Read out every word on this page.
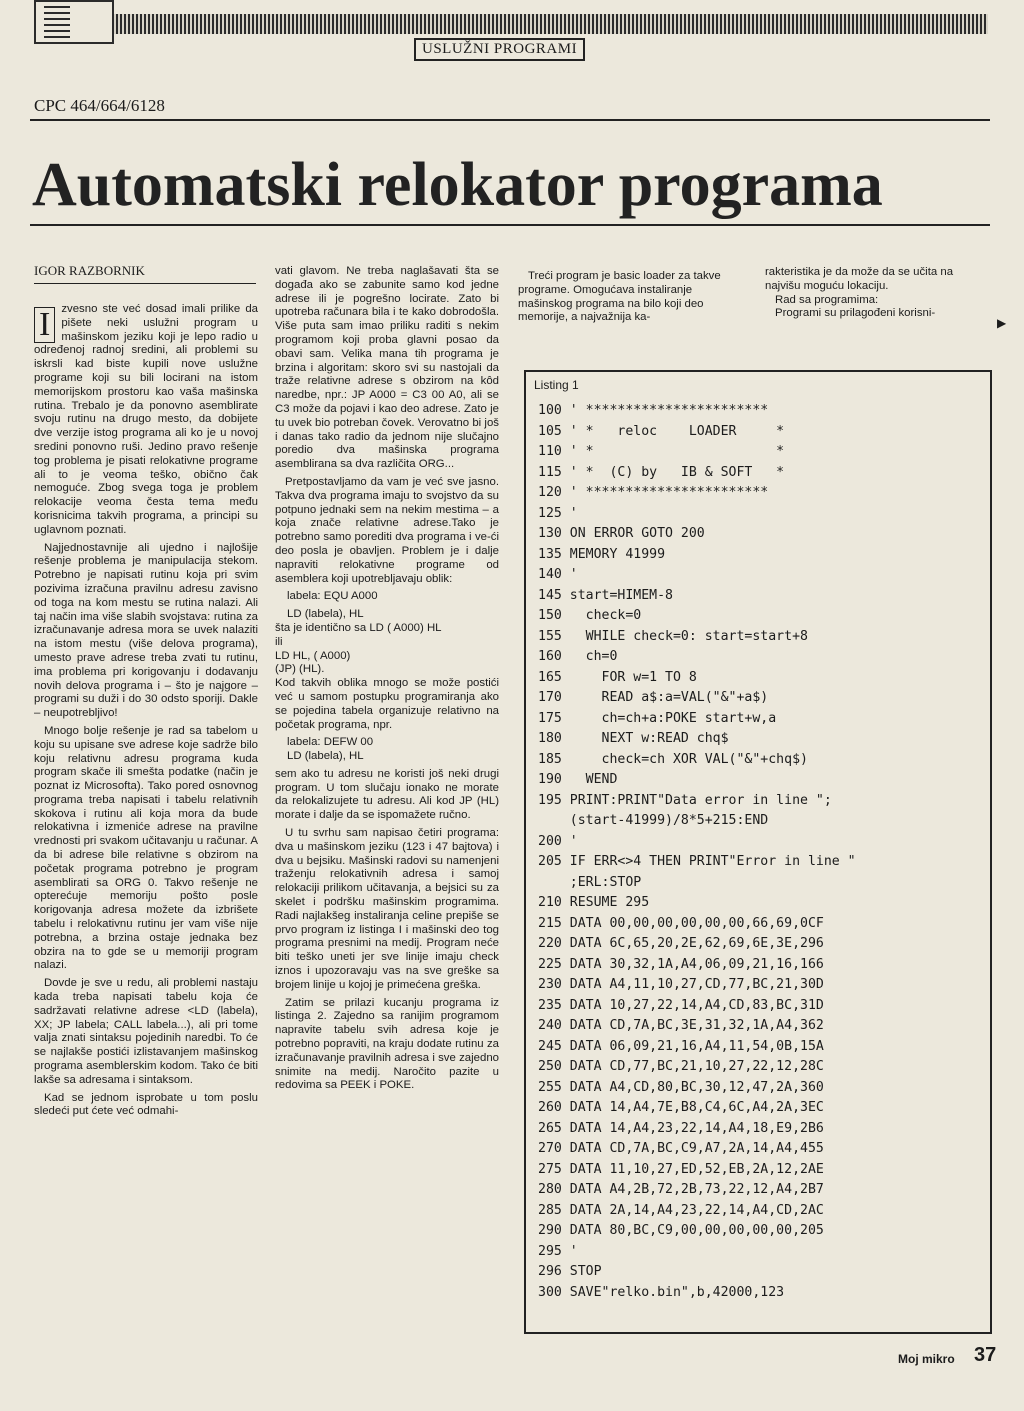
USLUŽNI PROGRAMI
CPC 464/664/6128
Automatski relokator programa
IGOR RAZBORNIK

I zvesno ste već dosad imali prilike da pišete neki uslužni program u mašinskom jeziku koji je lepo radio u određenoj radnoj sredini, ali problemi su iskrsli kad biste kupili nove uslužne programe koji su bili locirani na istom memorijskom prostoru kao vaša mašinska rutina. Trebalo je da ponovno asemblirate svoju rutinu na drugo mesto, da dobijete dve verzije istog programa ali ko je u novoj sredini ponovno ruši. Jedino pravo rešenje tog problema je pisati relokativne programe ali to je veoma teško, obično čak nemoguće. Zbog svega toga je problem relokacije veoma česta tema među korisnicima takvih programa, a principi su uglavnom poznati.

Najjednostavnije ali ujedno i najlošije rešenje problema je manipulacija stekom. Potrebno je napisati rutinu koja pri svim pozivima izračuna pravilnu adresu zavisno od toga na kom mestu se rutina nalazi. Ali taj način ima više slabih svojstava: rutina za izračunavanje adresa mora se uvek nalaziti na istom mestu (više delova programa), umesto prave adrese treba zvati tu rutinu, ima problema pri korigovanju i dodavanju novih delova programa i – što je najgore – programi su duži i do 30 odsto sporiji. Dakle – neupotrebljivo!

Mnogo bolje rešenje je rad sa tabelom u koju su upisane sve adrese koje sadrže bilo koju relativnu adresu programa kuda program skače ili smešta podatke (način je poznat iz Microsofta). Tako pored osnovnog programa treba napisati i tabelu relativnih skokova i rutinu ali koja mora da bude relokativna i izmeniće adrese na pravilne vrednosti pri svakom učitavanju u računar. A da bi adrese bile relativne s obzirom na početak programa potrebno je program asemblirati sa ORG 0. Takvo rešenje ne opterećuje memoriju pošto posle korigovanja adresa možete da izbrišete tabelu i relokativnu rutinu jer vam više nije potrebna, a brzina ostaje jednaka bez obzira na to gde se u memoriji program nalazi.

Dovde je sve u redu, ali problemi nastaju kada treba napisati tabelu koja će sadržavati relativne adrese <LD (labela), XX; JP labela; CALL labela...), ali pri tome valja znati sintaksu pojedinih naredbi. To će se najlakše postići izlistavanjem mašinskog programa asemblerskim kodom. Tako će biti lakše sa adresama i sintaksom.

Kad se jednom isprobate u tom poslu sledeći put ćete već odmahi-

vati glavom. Ne treba naglašavati šta se događa ako se zabunite samo kod jedne adrese ili je pogrešno locirate. Zato bi upotreba računara bila i te kako dobrodošla. Više puta sam imao priliku raditi s nekim programom koji proba glavni posao da obavi sam. Velika mana tih programa je brzina i algoritam: skoro svi su nastojali da traže relativne adrese s obzirom na kôd naredbe, npr.: JP A000 = C3 00 A0, ali se C3 može da pojavi i kao deo adrese. Zato je tu uvek bio potreban čovek. Verovatno bi još i danas tako radio da jednom nije slučajno poredio dva mašinska programa asemblirana sa dva različita ORG...

Pretpostavljamo da vam je već sve jasno. Takva dva programa imaju to svojstvo da su potpuno jednaki sem na nekim mestima – a koja znače relativne adrese.Tako je potrebno samo porediti dva programa i ve-ći deo posla je obavljen. Problem je i dalje napraviti relokativne programe od asemblera koji upotrebljavaju oblik:

labela: EQU A000

LD (labela), HL

šta je identično sa LD ( A000) HL

ili

LD HL, ( A000)

(JP) (HL).

Kod takvih oblika mnogo se može postići već u samom postupku programiranja ako se pojedina tabela organizuje relativno na početak programa, npr.

labela: DEFW 00

LD (labela), HL

sem ako tu adresu ne koristi još neki drugi program. U tom slučaju ionako ne morate da relokalizujete tu adresu. Ali kod JP (HL) morate i dalje da se ispomažete ručno.

U tu svrhu sam napisao četiri programa: dva u mašinskom jeziku (123 i 47 bajtova) i dva u bejsiku. Mašinski radovi su namenjeni traženju relokativnih adresa i samoj relokaciji prilikom učitavanja, a bejsici su za skelet i podršku mašinskim programima. Radi najlakšeg instaliranja celine prepiše se prvo program iz listinga I i mašinski deo tog programa presnimi na medij. Program neće biti teško uneti jer sve linije imaju check iznos i upozoravaju vas na sve greške sa brojem linije u kojoj je primećena greška.

Zatim se prilazi kucanju programa iz listinga 2. Zajedno sa ranijim programom napravite tabelu svih adresa koje je potrebno popraviti, na kraju dodate rutinu za izračunavanje pravilnih adresa i sve zajedno snimite na medij. Naročito pazite u redovima sa PEEK i POKE.

Treći program je basic loader za takve programe. Omogućava instaliranje mašinskog programa na bilo koji deo memorije, a najvažnija ka-

rakteristika je da može da se učita na najvišu moguću lokaciju.

Rad sa programima:

Programi su prilagođeni korisni-

▶
Listing 1
100 ' ***********************
105 ' *   reloc    LOADER     *
110 ' *                       *
115 ' *  (C) by   IB & SOFT   *
120 ' ***********************
125 '
130 ON ERROR GOTO 200
135 MEMORY 41999
140 '
145 start=HIMEM-8
150   check=0
155   WHILE check=0: start=start+8
160   ch=0
165     FOR w=1 TO 8
170     READ a$:a=VAL("&"+a$)
175     ch=ch+a:POKE start+w,a
180     NEXT w:READ chq$
185     check=ch XOR VAL("&"+chq$)
190   WEND
195 PRINT:PRINT"Data error in line ";
(start-41999)/8*5+215:END
200 '
205 IF ERR<>4 THEN PRINT"Error in line "
;ERL:STOP
210 RESUME 295
215 DATA 00,00,00,00,00,00,66,69,0CF
220 DATA 6C,65,20,2E,62,69,6E,3E,296
225 DATA 30,32,1A,A4,06,09,21,16,166
230 DATA A4,11,10,27,CD,77,BC,21,30D
235 DATA 10,27,22,14,A4,CD,83,BC,31D
240 DATA CD,7A,BC,3E,31,32,1A,A4,362
245 DATA 06,09,21,16,A4,11,54,0B,15A
250 DATA CD,77,BC,21,10,27,22,12,28C
255 DATA A4,CD,80,BC,30,12,47,2A,360
260 DATA 14,A4,7E,B8,C4,6C,A4,2A,3EC
265 DATA 14,A4,23,22,14,A4,18,E9,2B6
270 DATA CD,7A,BC,C9,A7,2A,14,A4,455
275 DATA 11,10,27,ED,52,EB,2A,12,2AE
280 DATA A4,2B,72,2B,73,22,12,A4,2B7
285 DATA 2A,14,A4,23,22,14,A4,CD,2AC
290 DATA 80,BC,C9,00,00,00,00,00,205
295 '
296 STOP
300 SAVE"relko.bin",b,42000,123
Moj mikro 37
